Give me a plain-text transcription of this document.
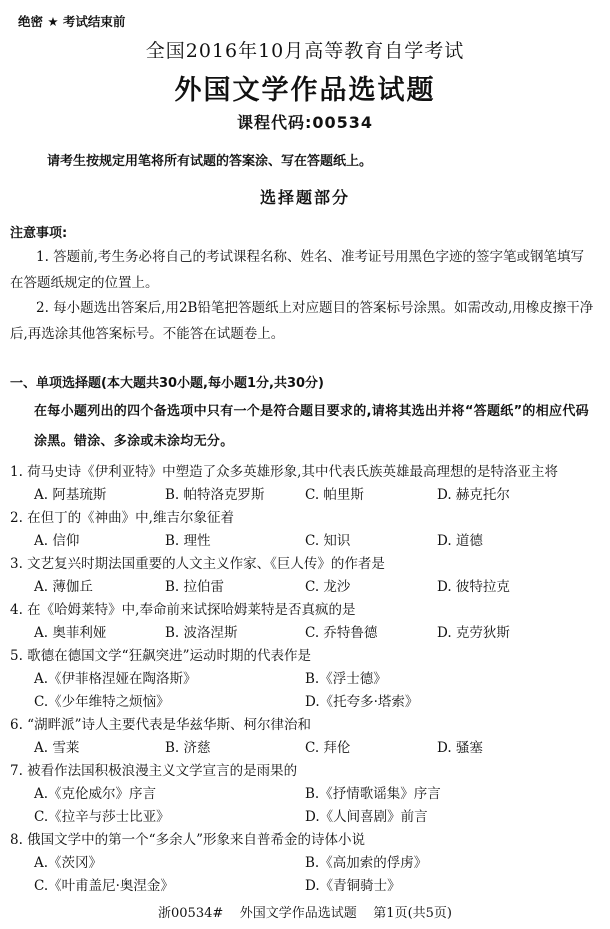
绝密 ★ 考试结束前
全国2016年10月高等教育自学考试
外国文学作品选试题
课程代码:00534
请考生按规定用笔将所有试题的答案涂、写在答题纸上。
选择题部分
注意事项:
1. 答题前,考生务必将自己的考试课程名称、姓名、准考证号用黑色字迹的签字笔或钢笔填写在答题纸规定的位置上。
2. 每小题选出答案后,用2B铅笔把答题纸上对应题目的答案标号涂黑。如需改动,用橡皮擦干净后,再选涂其他答案标号。不能答在试题卷上。
一、单项选择题(本大题共30小题,每小题1分,共30分)
在每小题列出的四个备选项中只有一个是符合题目要求的,请将其选出并将“答题纸”的相应代码涂黑。错涂、多涂或未涂均无分。
1. 荷马史诗《伊利亚特》中塑造了众多英雄形象,其中代表氏族英雄最高理想的是特洛亚主将
A. 阿基琉斯	B. 帕特洛克罗斯	C. 帕里斯	D. 赫克托尔
2. 在但丁的《神曲》中,维吉尔象征着
A. 信仰	B. 理性	C. 知识	D. 道德
3. 文艺复兴时期法国重要的人文主义作家、《巨人传》的作者是
A. 薄伽丘	B. 拉伯雷	C. 龙沙	D. 彼特拉克
4. 在《哈姆莱特》中,奉命前来试探哈姆莱特是否真疯的是
A. 奥菲利娅	B. 波洛涅斯	C. 乔特鲁德	D. 克劳狄斯
5. 歌德在德国文学“狂飙突进”运动时期的代表作是
A.《伊菲格涅娅在陶洛斯》	B.《浮士德》
C.《少年维特之烦恼》	D.《托夸多·塔索》
6. “湖畔派”诗人主要代表是华兹华斯、柯尔律治和
A. 雪莱	B. 济慈	C. 拜伦	D. 骚塞
7. 被看作法国积极浪漫主义文学宣言的是雨果的
A.《克伦威尔》序言	B.《抒情歌谣集》序言
C.《拉辛与莎士比亚》	D.《人间喜剧》前言
8. 俄国文学中的第一个“多余人”形象来自普希金的诗体小说
A.《茨冈》	B.《高加索的俘虏》
C.《叶甫盖尼·奥涅金》	D.《青铜骑士》
浙00534#    外国文学作品选试题    第1页(共5页)
